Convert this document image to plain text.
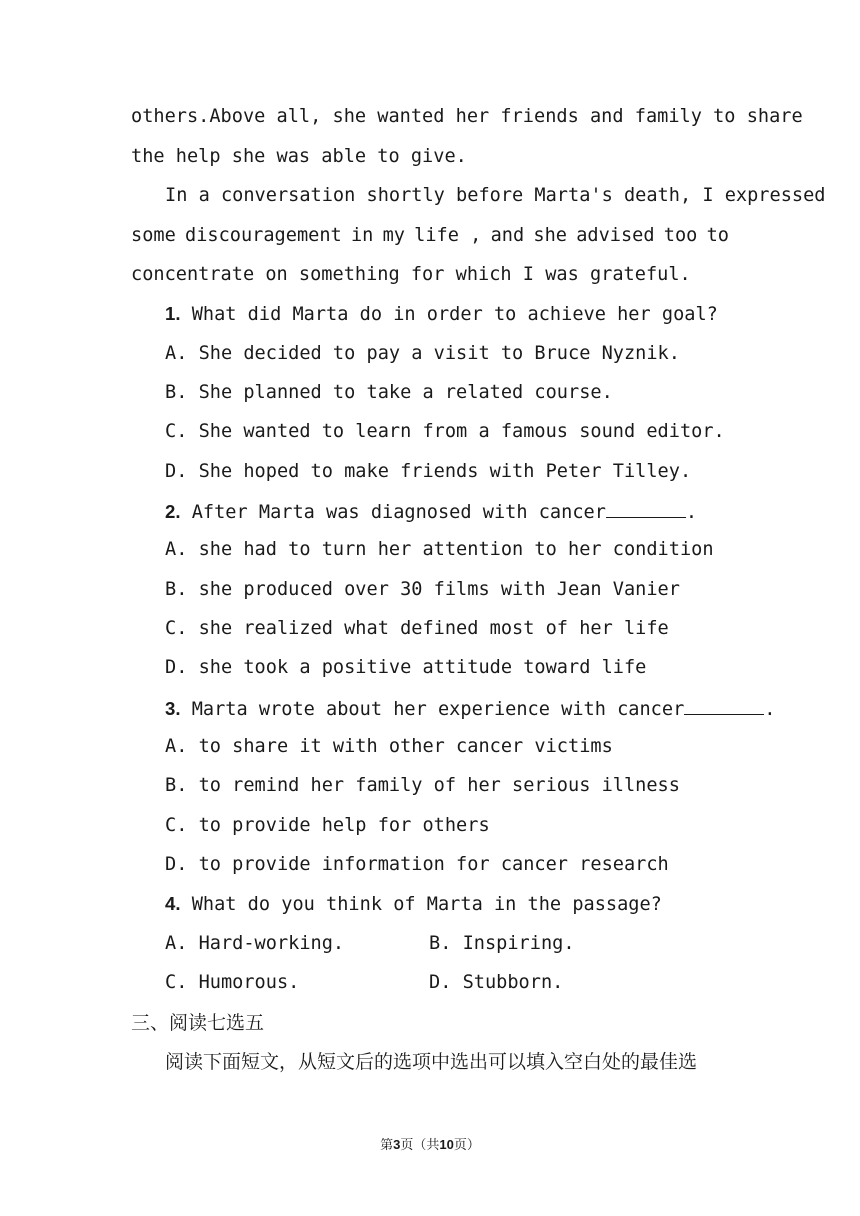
others.Above all, she wanted her friends and family to share
the help she was able to give.
In a conversation shortly before Marta's death, I expressed
some discouragement in my life , and she advised too to
concentrate on something for which I was grateful.
1. What did Marta do in order to achieve her goal?
A. She decided to pay a visit to Bruce Nyznik.
B. She planned to take a related course.
C. She wanted to learn from a famous sound editor.
D. She hoped to make friends with Peter Tilley.
2. After Marta was diagnosed with cancer	.
A. she had to turn her attention to her condition
B. she produced over 30 films with Jean Vanier
C. she realized what defined most of her life
D. she took a positive attitude toward life
3. Marta wrote about her experience with cancer	.
A. to share it with other cancer victims
B. to remind her family of her serious illness
C. to provide help for others
D. to provide information for cancer research
4. What do you think of Marta in the passage?
A. Hard-working.	B. Inspiring.
C. Humorous.	D. Stubborn.
三、阅读七选五
阅读下面短文，从短文后的选项中选出可以填入空白处的最佳选
第3页（共10页）
